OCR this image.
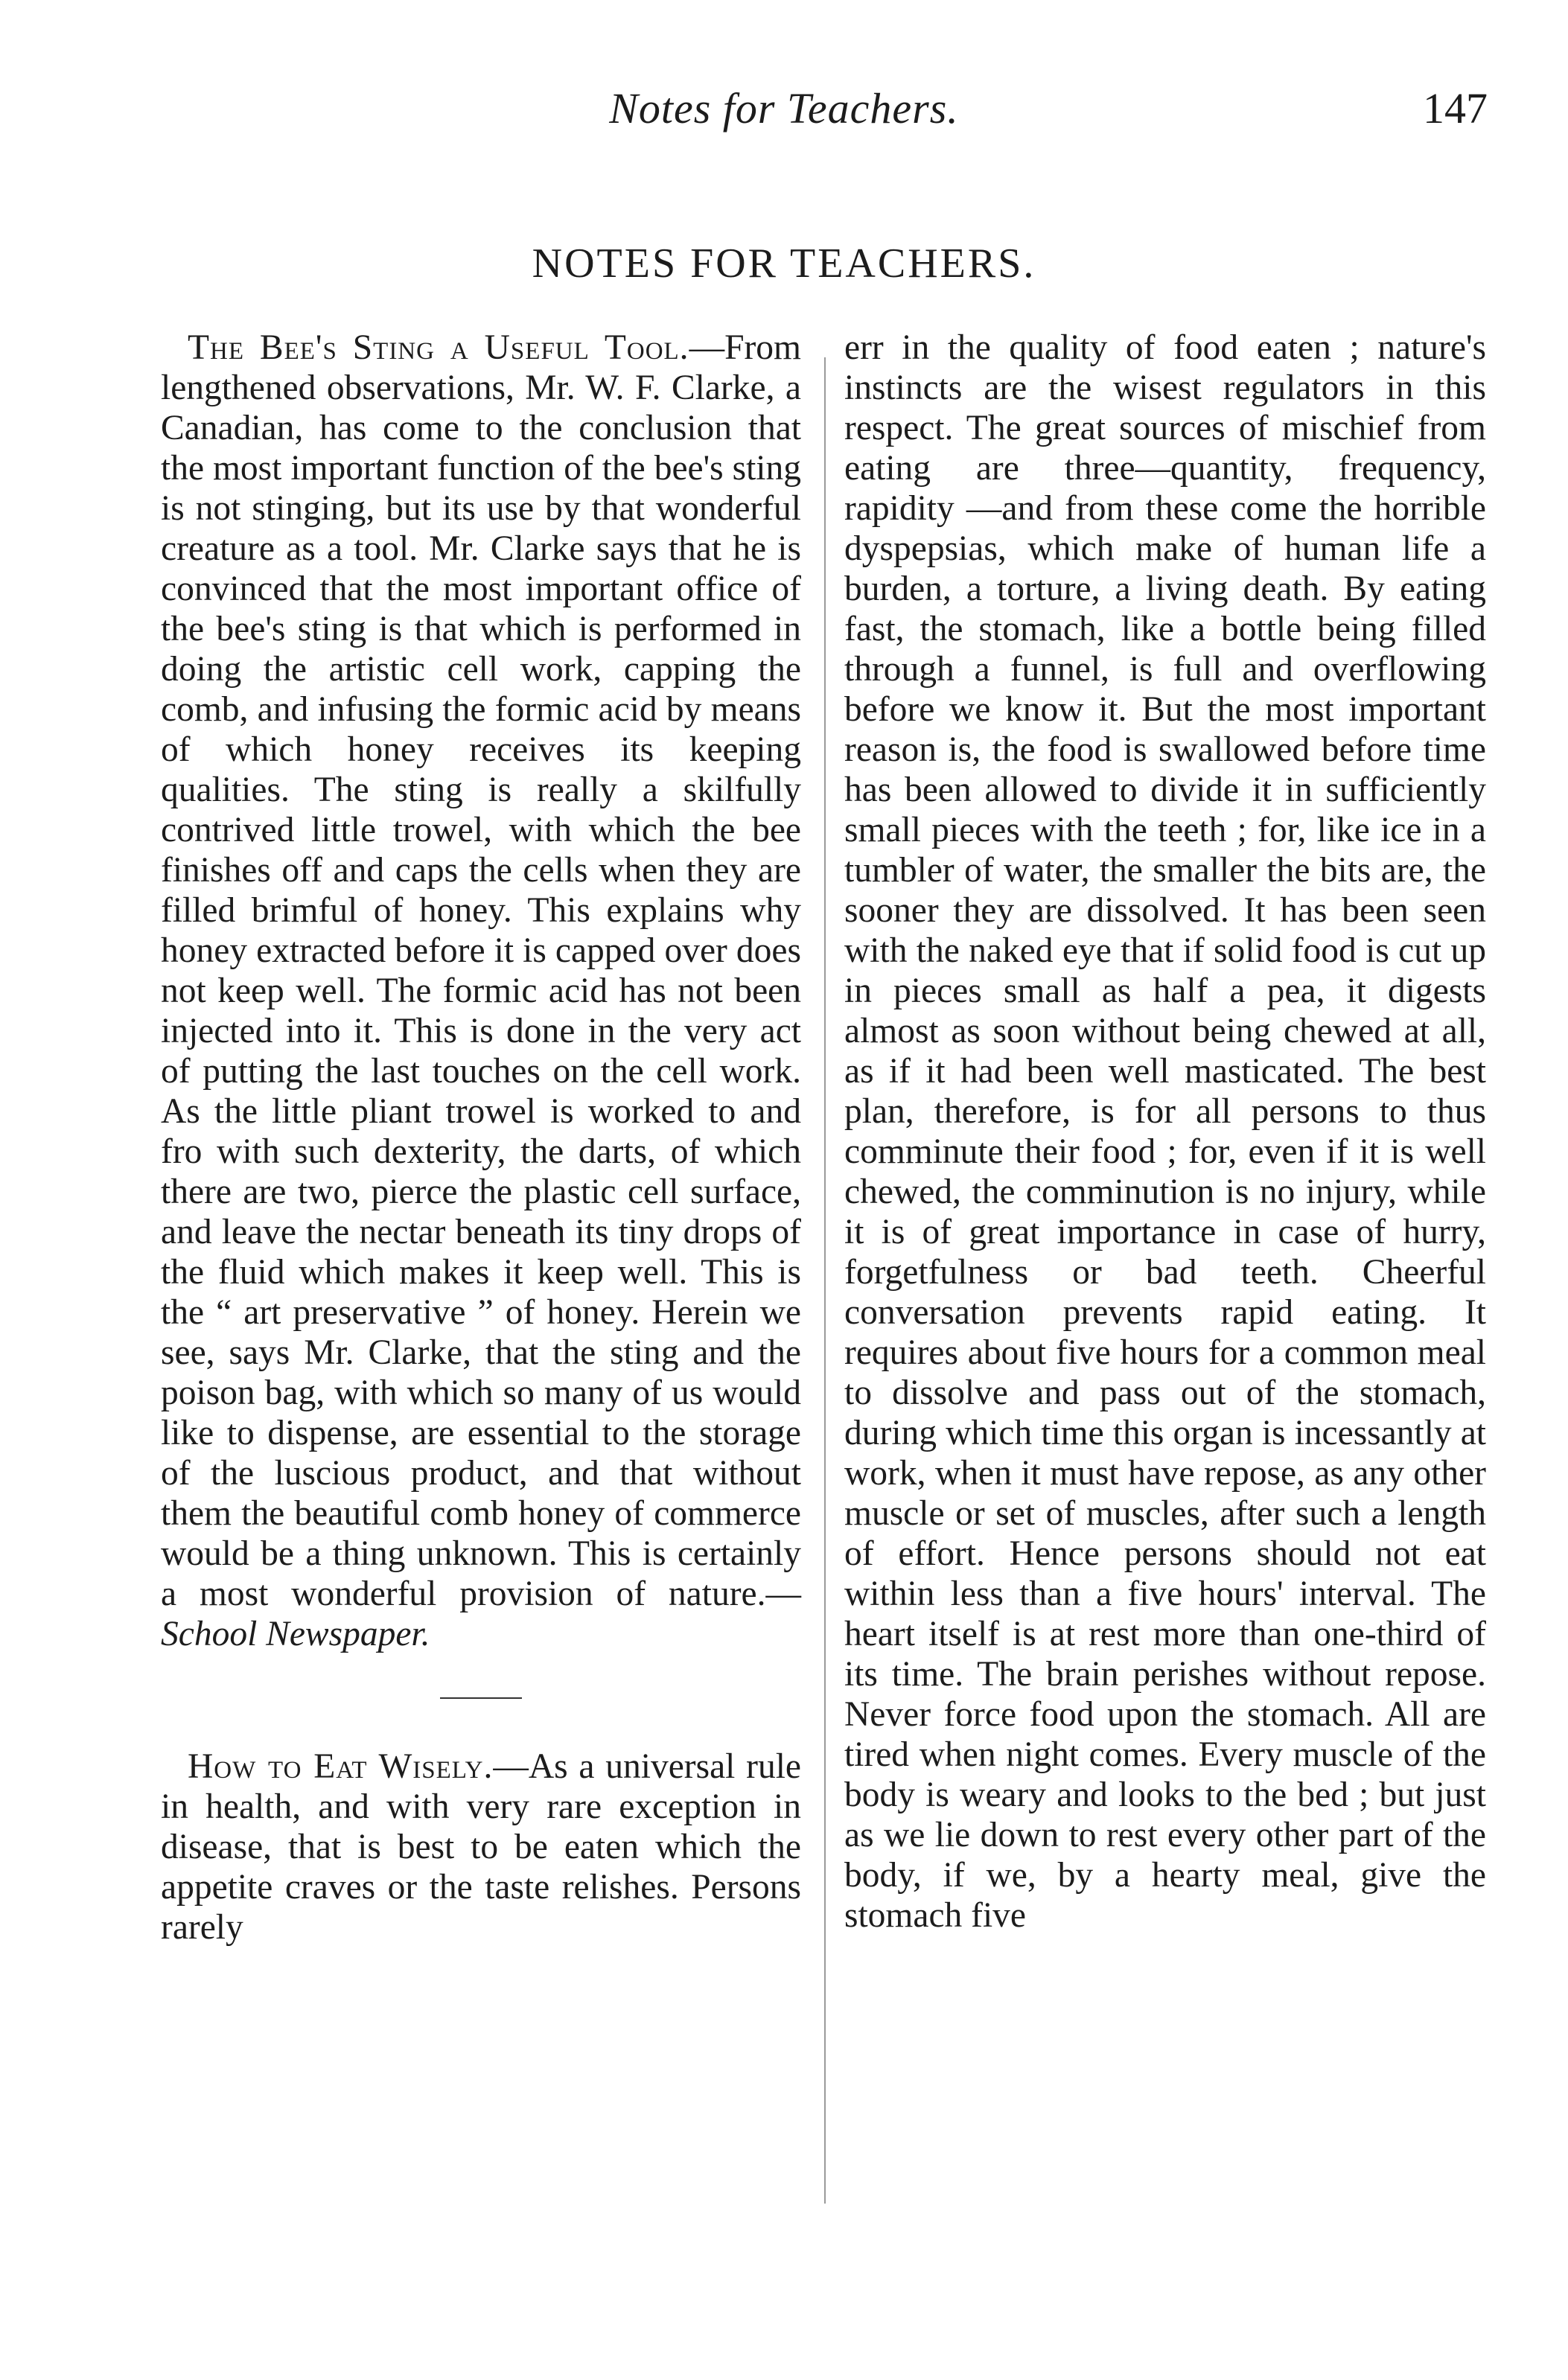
Notes for Teachers.	147
NOTES FOR TEACHERS.

The Bee's Sting a Useful Tool.—From lengthened observations, Mr. W. F. Clarke, a Canadian, has come to the conclusion that the most important function of the bee's sting is not stinging, but its use by that wonderful creature as a tool. Mr. Clarke says that he is convinced that the most important office of the bee's sting is that which is performed in doing the artistic cell work, capping the comb, and infusing the formic acid by means of which honey receives its keeping qualities. The sting is really a skilfully contrived little trowel, with which the bee finishes off and caps the cells when they are filled brimful of honey. This explains why honey extracted before it is capped over does not keep well. The formic acid has not been injected into it. This is done in the very act of putting the last touches on the cell work. As the little pliant trowel is worked to and fro with such dexterity, the darts, of which there are two, pierce the plastic cell surface, and leave the nectar beneath its tiny drops of the fluid which makes it keep well. This is the “ art preservative ” of honey. Herein we see, says Mr. Clarke, that the sting and the poison bag, with which so many of us would like to dispense, are essential to the storage of the luscious product, and that without them the beautiful comb honey of commerce would be a thing unknown. This is certainly a most wonderful provision of nature.— School Newspaper.

How to Eat Wisely.—As a universal rule in health, and with very rare exception in disease, that is best to be eaten which the appetite craves or the taste relishes. Persons rarely

err in the quality of food eaten ; nature's instincts are the wisest regulators in this respect. The great sources of mischief from eating are three—quantity, frequency, rapidity —and from these come the horrible dyspepsias, which make of human life a burden, a torture, a living death. By eating fast, the stomach, like a bottle being filled through a funnel, is full and overflowing before we know it. But the most important reason is, the food is swallowed before time has been allowed to divide it in sufficiently small pieces with the teeth ; for, like ice in a tumbler of water, the smaller the bits are, the sooner they are dissolved. It has been seen with the naked eye that if solid food is cut up in pieces small as half a pea, it digests almost as soon without being chewed at all, as if it had been well masticated. The best plan, therefore, is for all persons to thus comminute their food ; for, even if it is well chewed, the comminution is no injury, while it is of great importance in case of hurry, forgetfulness or bad teeth. Cheerful conversation prevents rapid eating. It requires about five hours for a common meal to dissolve and pass out of the stomach, during which time this organ is incessantly at work, when it must have repose, as any other muscle or set of muscles, after such a length of effort. Hence persons should not eat within less than a five hours' interval. The heart itself is at rest more than one-third of its time. The brain perishes without repose. Never force food upon the stomach. All are tired when night comes. Every muscle of the body is weary and looks to the bed ; but just as we lie down to rest every other part of the body, if we, by a hearty meal, give the stomach five
